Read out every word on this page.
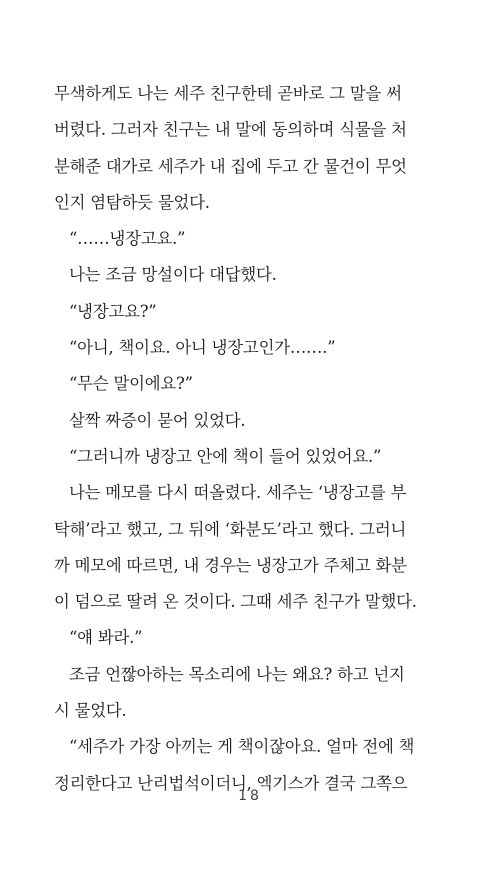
무색하게도 나는 세주 친구한테 곧바로 그 말을 써
버렸다. 그러자 친구는 내 말에 동의하며 식물을 처
분해준 대가로 세주가 내 집에 두고 간 물건이 무엇
인지 염탐하듯 물었다.
“……냉장고요.”
나는 조금 망설이다 대답했다.
“냉장고요?”
“아니, 책이요. 아니 냉장고인가…….”
“무슨 말이에요?”
살짝 짜증이 묻어 있었다.
“그러니까 냉장고 안에 책이 들어 있었어요.”
나는 메모를 다시 떠올렸다. 세주는 ‘냉장고를 부
탁해’라고 했고, 그 뒤에 ‘화분도’라고 했다. 그러니
까 메모에 따르면, 내 경우는 냉장고가 주체고 화분
이 덤으로 딸려 온 것이다. 그때 세주 친구가 말했다.
“얘 봐라.”
조금 언짢아하는 목소리에 나는 왜요? 하고 넌지
시 물었다.
“세주가 가장 아끼는 게 책이잖아요. 얼마 전에 책
정리한다고 난리법석이더니, 엑기스가 결국 그쪽으
18
